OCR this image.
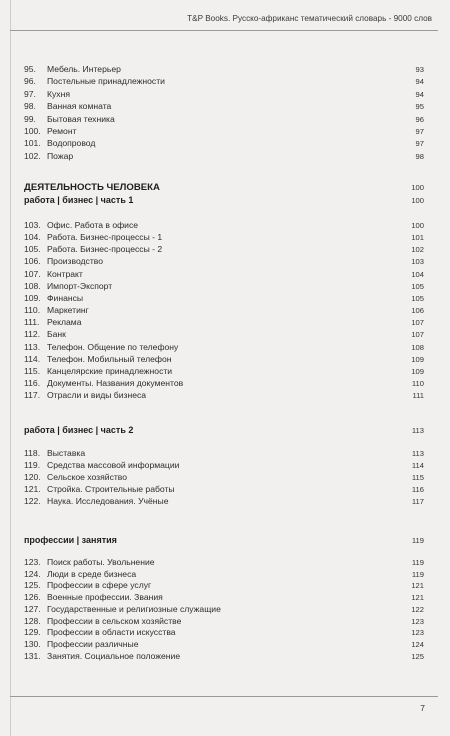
T&P Books. Русско-африканс тематический словарь - 9000 слов
95. Мебель. Интерьер	93
96. Постельные принадлежности	94
97. Кухня	94
98. Ванная комната	95
99. Бытовая техника	96
100. Ремонт	97
101. Водопровод	97
102. Пожар	98
ДЕЯТЕЛЬНОСТЬ ЧЕЛОВЕКА	100
работа | бизнес | часть 1	100
103. Офис. Работа в офисе	100
104. Работа. Бизнес-процессы - 1	101
105. Работа. Бизнес-процессы - 2	102
106. Производство	103
107. Контракт	104
108. Импорт-Экспорт	105
109. Финансы	105
110. Маркетинг	106
111. Реклама	107
112. Банк	107
113. Телефон. Общение по телефону	108
114. Телефон. Мобильный телефон	109
115. Канцелярские принадлежности	109
116. Документы. Названия документов	110
117. Отрасли и виды бизнеса	111
работа | бизнес | часть 2	113
118. Выставка	113
119. Средства массовой информации	114
120. Сельское хозяйство	115
121. Стройка. Строительные работы	116
122. Наука. Исследования. Учёные	117
профессии | занятия	119
123. Поиск работы. Увольнение	119
124. Люди в среде бизнеса	119
125. Профессии в сфере услуг	121
126. Военные профессии. Звания	121
127. Государственные и религиозные служащие	122
128. Профессии в сельском хозяйстве	123
129. Профессии в области искусства	123
130. Профессии различные	124
131. Занятия. Социальное положение	125
7
